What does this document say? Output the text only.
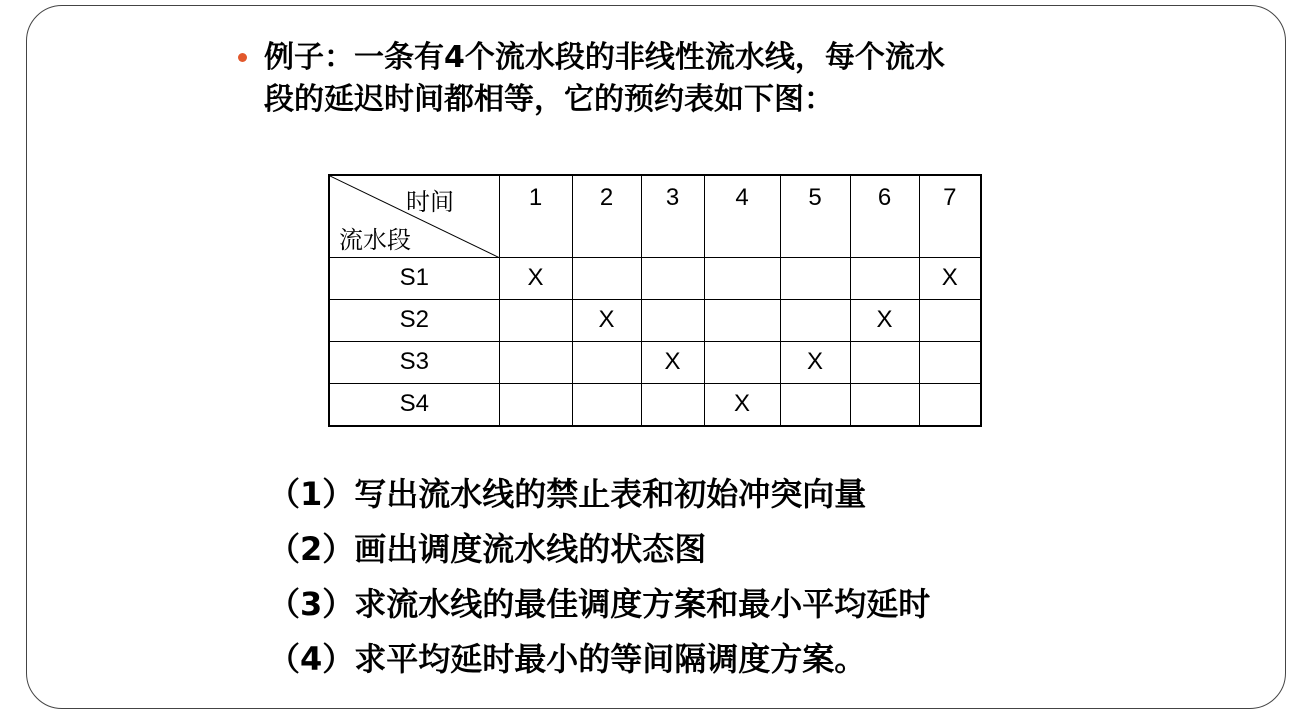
例子：一条有4个流水段的非线性流水线，每个流水
段的延迟时间都相等，它的预约表如下图：
时间
流水段	1	2	3	4	5	6	7
S1	X						X
S2		X				X	
S3			X		X		
S4				X			
（1）写出流水线的禁止表和初始冲突向量
（2）画出调度流水线的状态图
（3）求流水线的最佳调度方案和最小平均延时
（4）求平均延时最小的等间隔调度方案。
